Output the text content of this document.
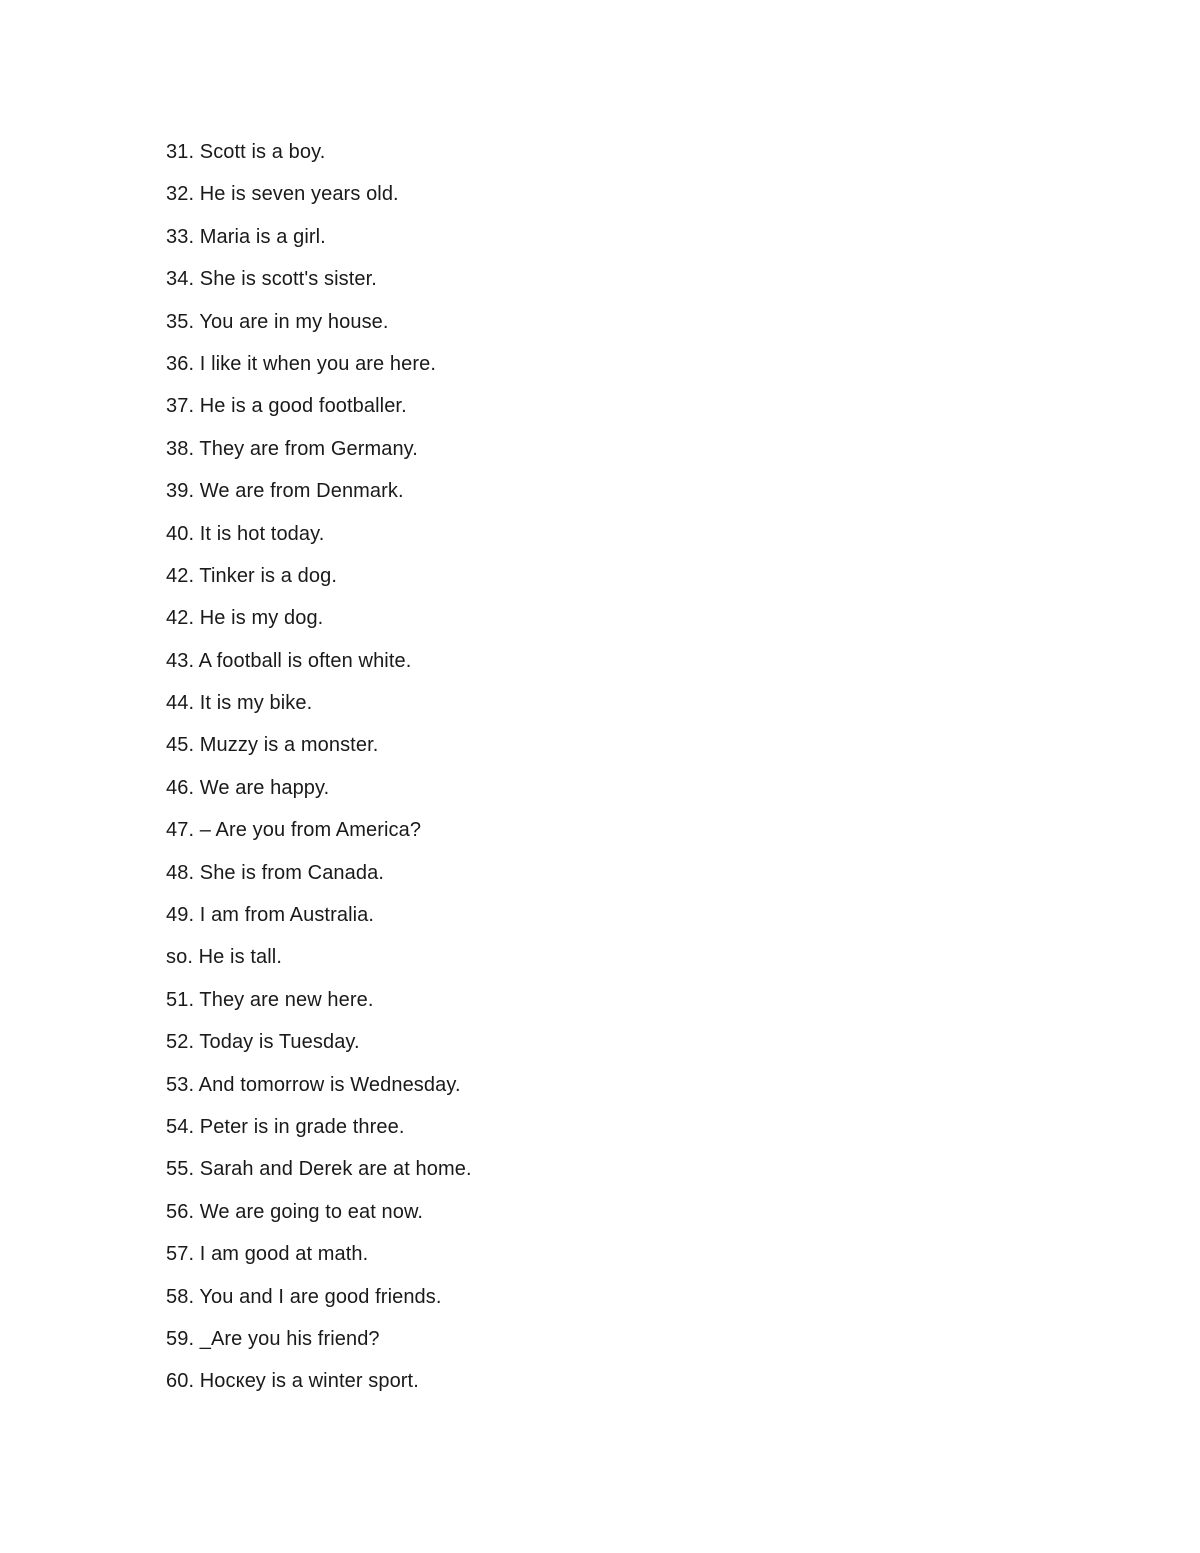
31. Scott is a boy.
32. He is seven years old.
33. Maria is a girl.
34. She is scott's sister.
35. You are in my house.
36. I like it when you are here.
37. He is a good footballer.
38. They are from Germany.
39. We are from Denmark.
40. It is hot today.
42. Tinker is a dog.
42. He is my dog.
43. A football is often white.
44. It is my bike.
45. Muzzy is a monster.
46. We are happy.
47. – Are you from America?
48. She is from Canada.
49. I am from Australia.
so. He is tall.
51. They are new here.
52. Today is Tuesday.
53. And tomorrow is Wednesday.
54. Peter is in grade three.
55. Sarah and Derek are at home.
56. We are going to eat now.
57. I am good at math.
58. You and I are good friends.
59. _Are you his friend?
60. Носкеу is a winter sport.
